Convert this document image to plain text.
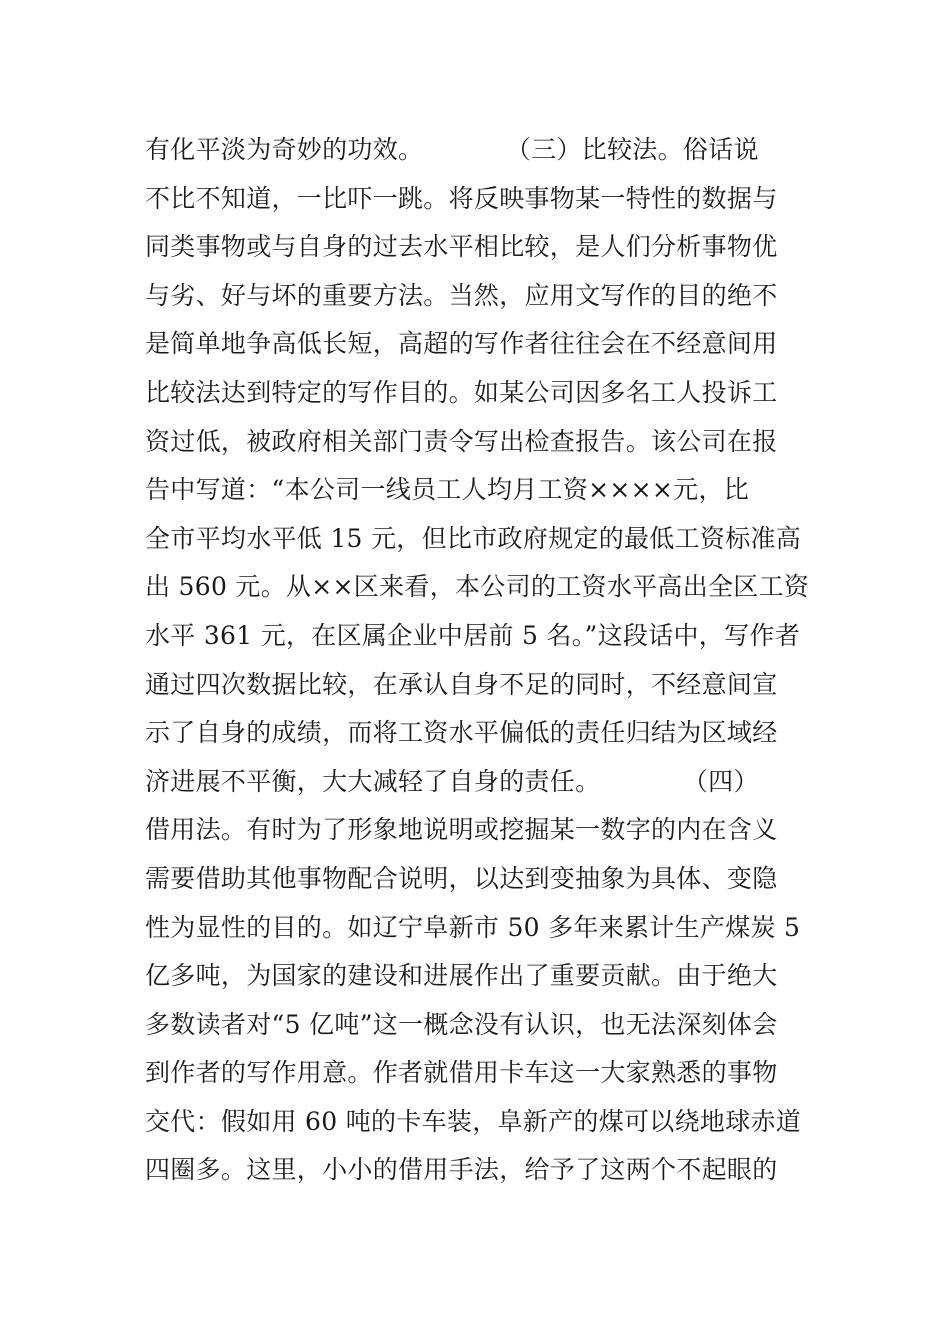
有化平淡为奇妙的功效。          （三）比较法。俗话说
不比不知道，一比吓一跳。将反映事物某一特性的数据与
同类事物或与自身的过去水平相比较，是人们分析事物优
与劣、好与坏的重要方法。当然，应用文写作的目的绝不
是简单地争高低长短，高超的写作者往往会在不经意间用
比较法达到特定的写作目的。如某公司因多名工人投诉工
资过低，被政府相关部门责令写出检查报告。该公司在报
告中写道：“本公司一线员工人均月工资××××元，比
全市平均水平低 15 元，但比市政府规定的最低工资标准高
出 560 元。从××区来看，本公司的工资水平高出全区工资
水平 361 元，在区属企业中居前 5 名。”这段话中，写作者
通过四次数据比较，在承认自身不足的同时，不经意间宣
示了自身的成绩，而将工资水平偏低的责任归结为区域经
济进展不平衡，大大减轻了自身的责任。          （四）
借用法。有时为了形象地说明或挖掘某一数字的内在含义
需要借助其他事物配合说明，以达到变抽象为具体、变隐
性为显性的目的。如辽宁阜新市 50 多年来累计生产煤炭 5
亿多吨，为国家的建设和进展作出了重要贡献。由于绝大
多数读者对“5 亿吨”这一概念没有认识，也无法深刻体会
到作者的写作用意。作者就借用卡车这一大家熟悉的事物
交代：假如用 60 吨的卡车装，阜新产的煤可以绕地球赤道
四圈多。这里，小小的借用手法，给予了这两个不起眼的
